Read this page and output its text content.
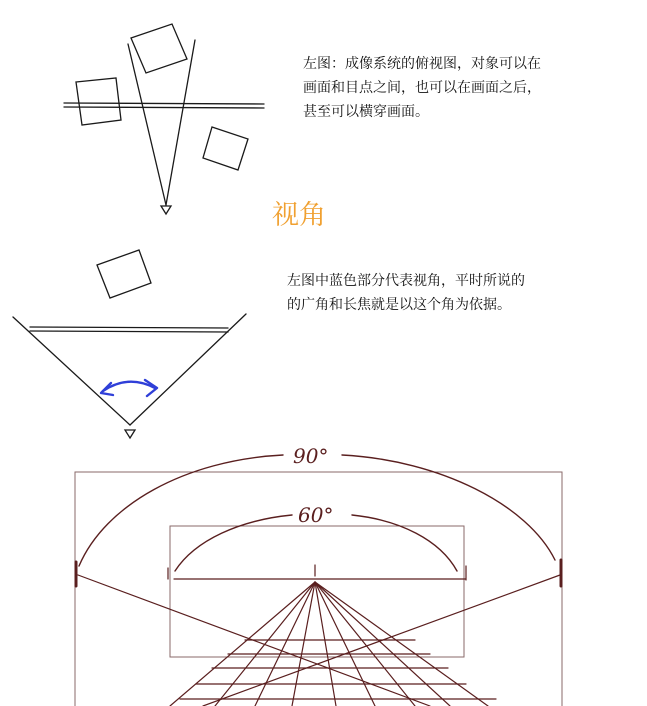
90°
60°

左图：成像系统的俯视图，对象可以在
画面和目点之间，也可以在画面之后，
甚至可以横穿画面。

视角

左图中蓝色部分代表视角，平时所说的
的广角和长焦就是以这个角为依据。
